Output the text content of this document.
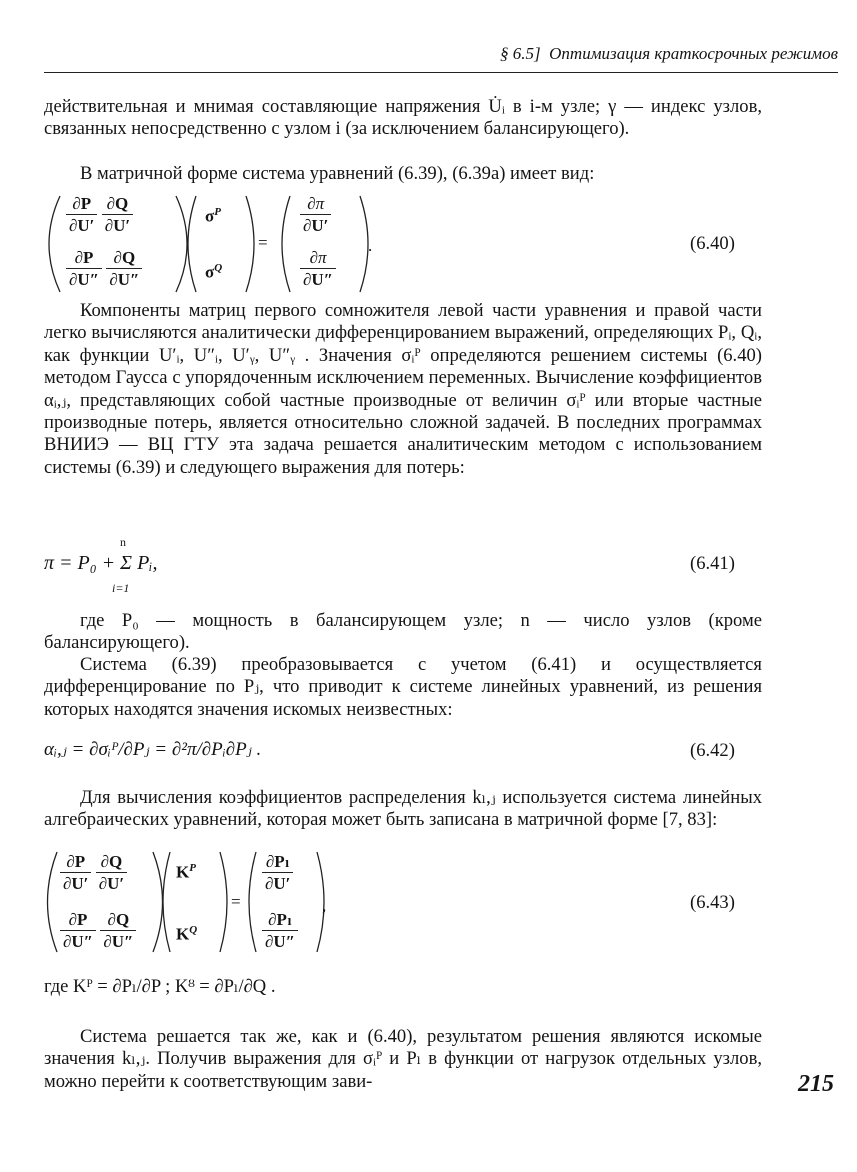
§ 6.5] Оптимизация краткосрочных режимов
действительная и мнимая составляющие напряжения U̇ᵢ в i-м узле; γ — индекс узлов, связанных непосредственно с узлом i (за исключением балансирующего).
В матричной форме система уравнений (6.39), (6.39а) имеет вид:
$\frac{\partial P}{\partial U'}$
$\frac{\partial Q}{\partial U'}$
$\frac{\partial P}{\partial U''}$
$\frac{\partial Q}{\partial U''}$
$\sigma^P$
$\sigma^Q$
=
$\frac{\partial\pi}{\partial U'}$
$\frac{\partial\pi}{\partial U''}$
.	(6.40)
Компоненты матриц первого сомножителя левой части уравнения и правой части легко вычисляются аналитически дифференцированием выражений, определяющих Pᵢ, Qᵢ, как функции U′ᵢ, U″ᵢ, U′ᵧ, U″ᵧ . Значения σᵢᴾ определяются решением системы (6.40) методом Гаусса с упорядоченным исключением переменных. Вычисление коэффициентов αᵢ,ⱼ, представляющих собой частные производные от величин σᵢᴾ или вторые частные производные потерь, является относительно сложной задачей. В последних программах ВНИИЭ — ВЦ ГТУ эта задача решается аналитическим методом с использованием системы (6.39) и следующего выражения для потерь:
n
π = P₀ + Σ Pᵢ,
i=1
(6.41)
где P₀ — мощность в балансирующем узле; n — число узлов (кроме балансирующего).
Система (6.39) преобразовывается с учетом (6.41) и осуществляется дифференцирование по Pⱼ, что приводит к системе линейных уравнений, из решения которых находятся значения искомых неизвестных:
αᵢ,ⱼ = ∂σᵢᴾ/∂Pⱼ = ∂²π/∂Pᵢ∂Pⱼ .	(6.42)
Для вычисления коэффициентов распределения kₗ,ⱼ используется система линейных алгебраических уравнений, которая может быть записана в матричной форме [7, 83]:
$\frac{\partial P}{\partial U'}$
$\frac{\partial Q}{\partial U'}$
$\frac{\partial P}{\partial U''}$
$\frac{\partial Q}{\partial U''}$
$K^P$
$K^Q$
=
$\frac{\text{∂Pₗ}}{\partial U'}$
$\frac{\text{∂Pₗ}}{\partial U''}$
,	(6.43)
где Kᴾ = ∂Pₗ/∂P ; Kᴽ = ∂Pₗ/∂Q .
Система решается так же, как и (6.40), результатом решения являются искомые значения kₗ,ⱼ. Получив выражения для σᵢᴾ и Pₗ в функции от нагрузок отдельных узлов, можно перейти к соответствующим зави-	215
